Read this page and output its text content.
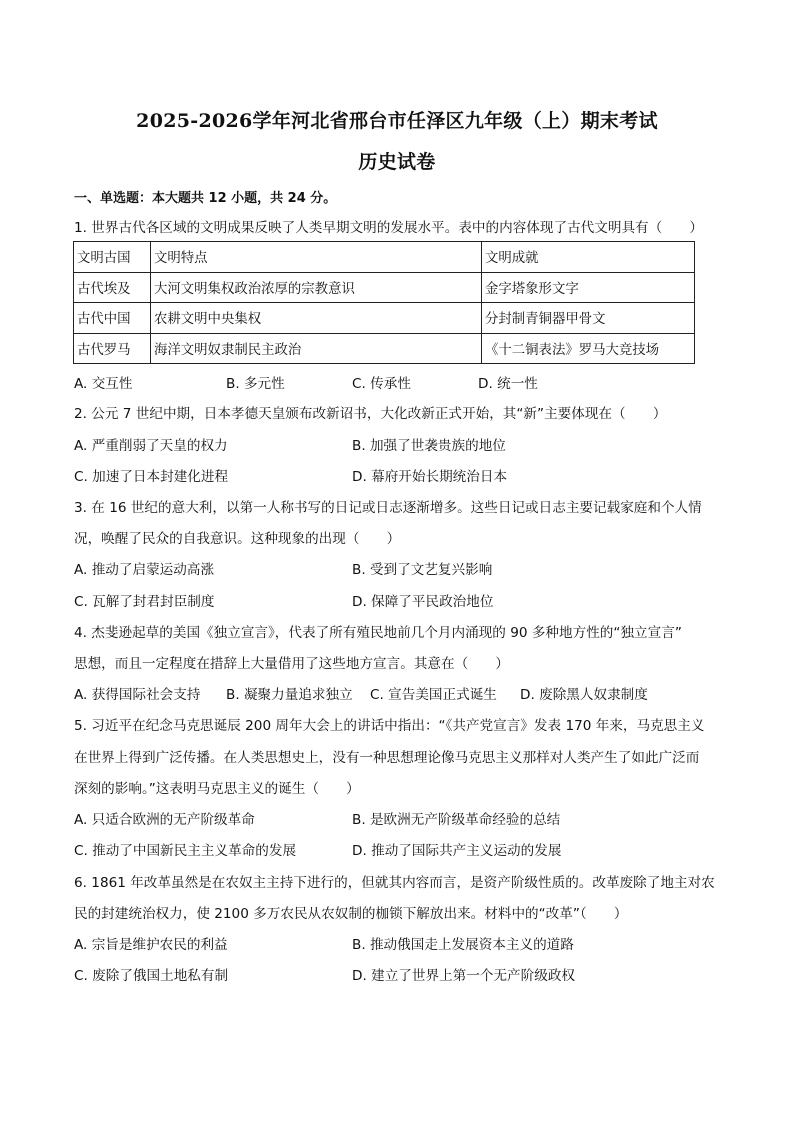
2025-2026学年河北省邢台市任泽区九年级（上）期末考试
历史试卷
一、单选题：本大题共 12 小题，共 24 分。
1. 世界古代各区域的文明成果反映了人类早期文明的发展水平。表中的内容体现了古代文明具有（　　）
文明古国	文明特点	文明成就
古代埃及	大河文明集权政治浓厚的宗教意识	金字塔象形文字
古代中国	农耕文明中央集权	分封制青铜器甲骨文
古代罗马	海洋文明奴隶制民主政治	《十二铜表法》罗马大竞技场
A. 交互性	B. 多元性	C. 传承性	D. 统一性
2. 公元 7 世纪中期，日本孝德天皇颁布改新诏书，大化改新正式开始，其“新”主要体现在（　　）
A. 严重削弱了天皇的权力	B. 加强了世袭贵族的地位
C. 加速了日本封建化进程	D. 幕府开始长期统治日本
3. 在 16 世纪的意大利，以第一人称书写的日记或日志逐渐增多。这些日记或日志主要记载家庭和个人情
况，唤醒了民众的自我意识。这种现象的出现（　　）
A. 推动了启蒙运动高涨	B. 受到了文艺复兴影响
C. 瓦解了封君封臣制度	D. 保障了平民政治地位
4. 杰斐逊起草的美国《独立宣言》，代表了所有殖民地前几个月内涌现的 90 多种地方性的“独立宣言”
思想，而且一定程度在措辞上大量借用了这些地方宣言。其意在（　　）
A. 获得国际社会支持 B. 凝聚力量追求独立 C. 宣告美国正式诞生 D. 废除黑人奴隶制度
5. 习近平在纪念马克思诞辰 200 周年大会上的讲话中指出：“《共产党宣言》发表 170 年来，马克思主义
在世界上得到广泛传播。在人类思想史上，没有一种思想理论像马克思主义那样对人类产生了如此广泛而
深刻的影响。”这表明马克思主义的诞生（　　）
A. 只适合欧洲的无产阶级革命	B. 是欧洲无产阶级革命经验的总结
C. 推动了中国新民主主义革命的发展	D. 推动了国际共产主义运动的发展
6. 1861 年改革虽然是在农奴主主持下进行的，但就其内容而言，是资产阶级性质的。改革废除了地主对农
民的封建统治权力，使 2100 多万农民从农奴制的枷锁下解放出来。材料中的“改革”（　　）
A. 宗旨是维护农民的利益	B. 推动俄国走上发展资本主义的道路
C. 废除了俄国土地私有制	D. 建立了世界上第一个无产阶级政权
